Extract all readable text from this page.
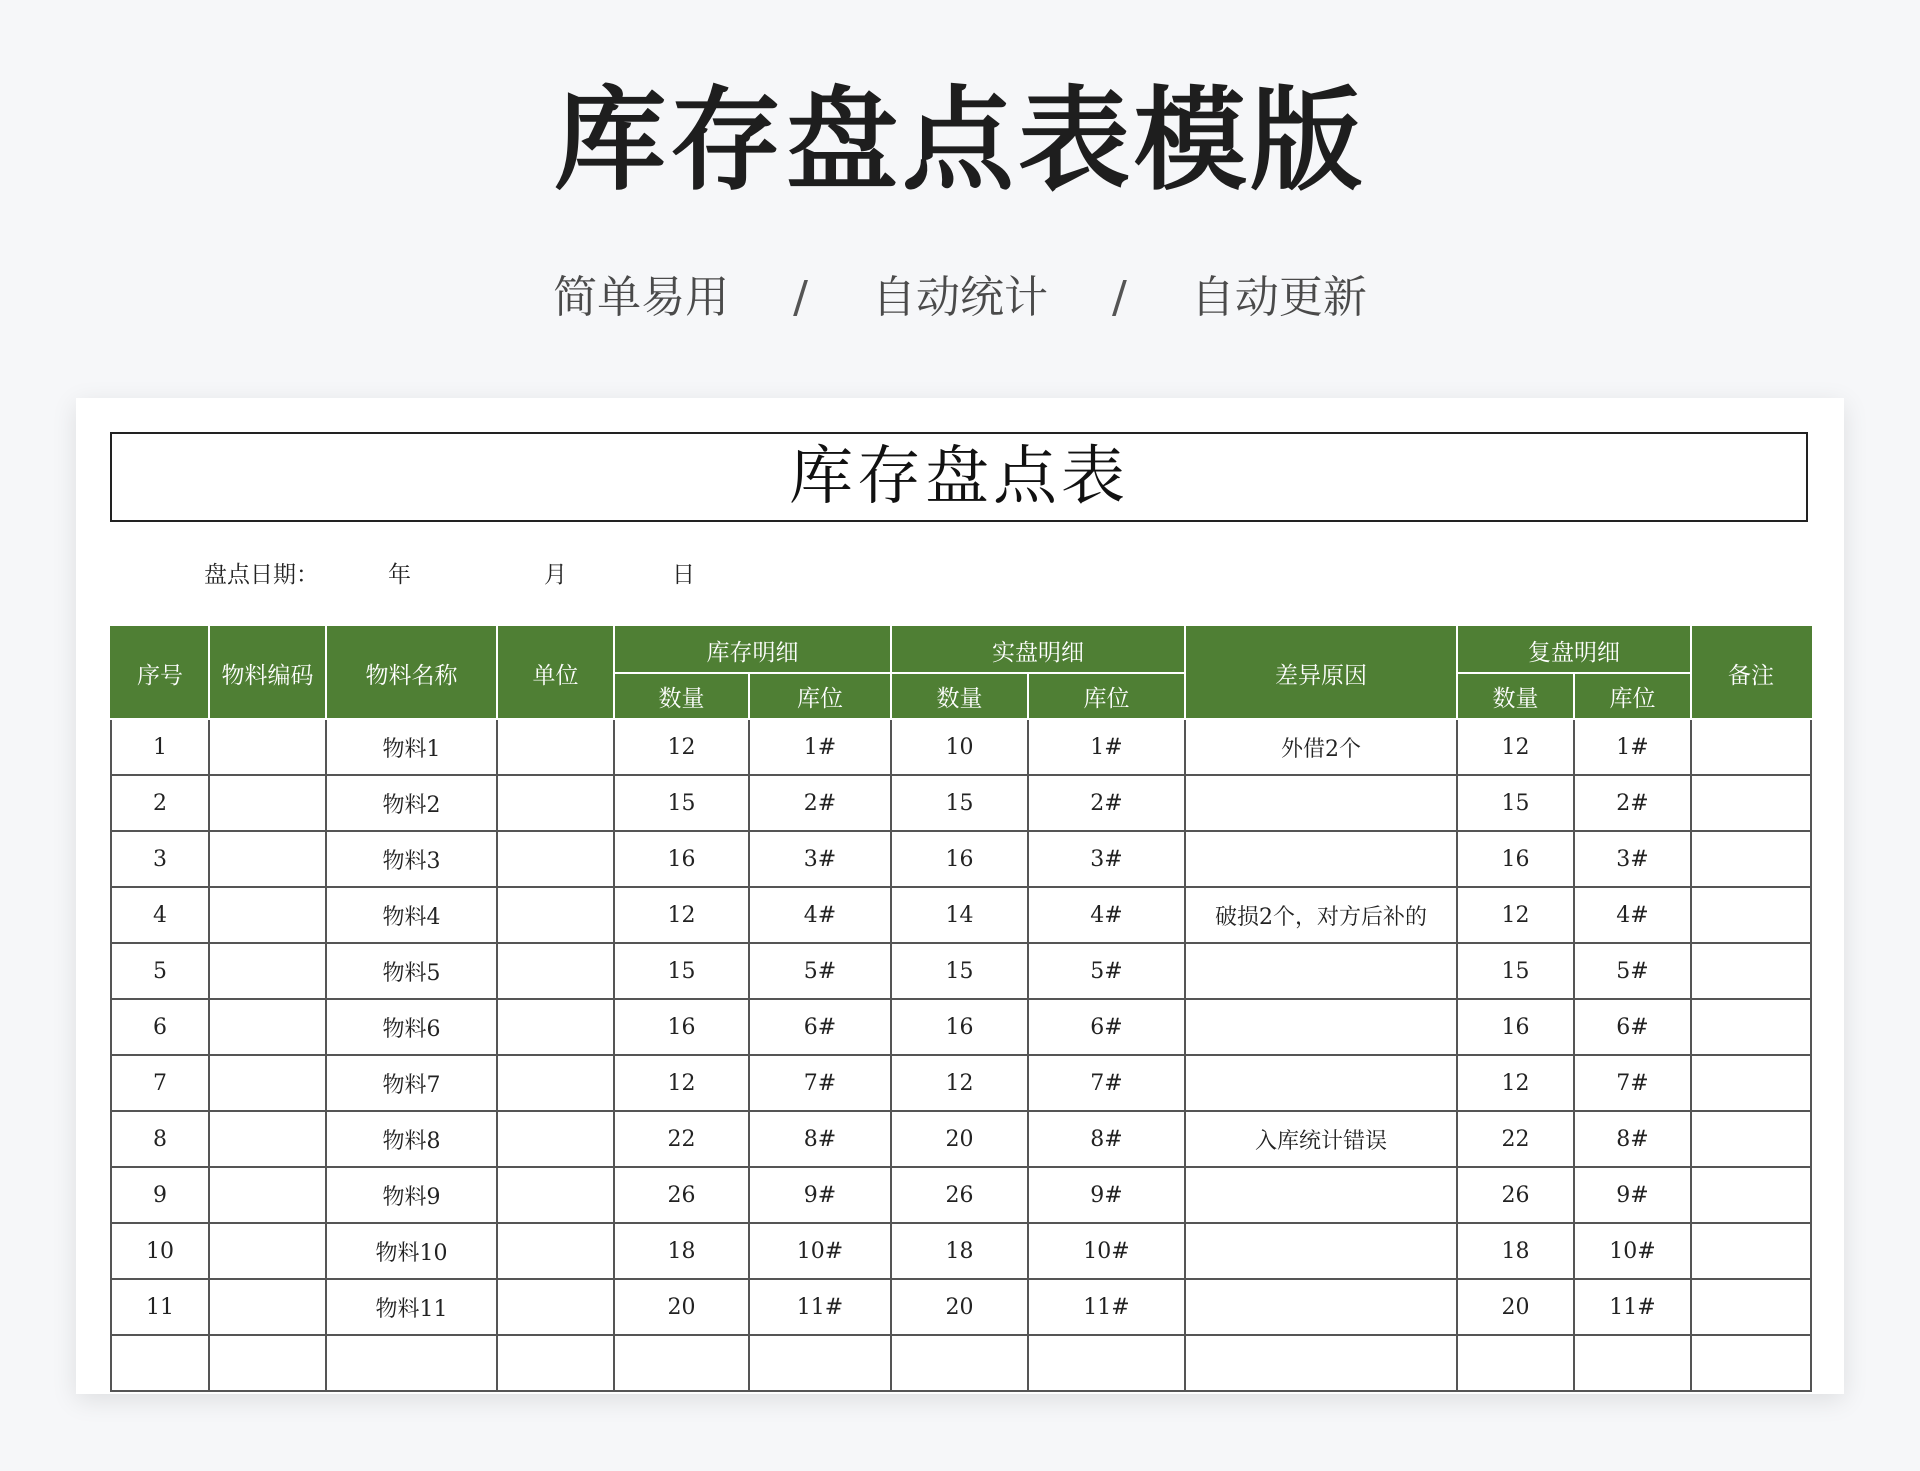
库存盘点表模版
简单易用 / 自动统计 / 自动更新
库存盘点表
盘点日期：	年	月	日
序号	物料编码	物料名称	单位	库存明细		实盘明细		差异原因	复盘明细		备注
				数量	库位	数量	库位		数量	库位	
1		物料1		12	1#	10	1#	外借2个	12	1#	
2		物料2		15	2#	15	2#		15	2#	
3		物料3		16	3#	16	3#		16	3#	
4		物料4		12	4#	14	4#	破损2个，对方后补的	12	4#	
5		物料5		15	5#	15	5#		15	5#	
6		物料6		16	6#	16	6#		16	6#	
7		物料7		12	7#	12	7#		12	7#	
8		物料8		22	8#	20	8#	入库统计错误	22	8#	
9		物料9		26	9#	26	9#		26	9#	
10		物料10		18	10#	18	10#		18	10#	
11		物料11		20	11#	20	11#		20	11#	
